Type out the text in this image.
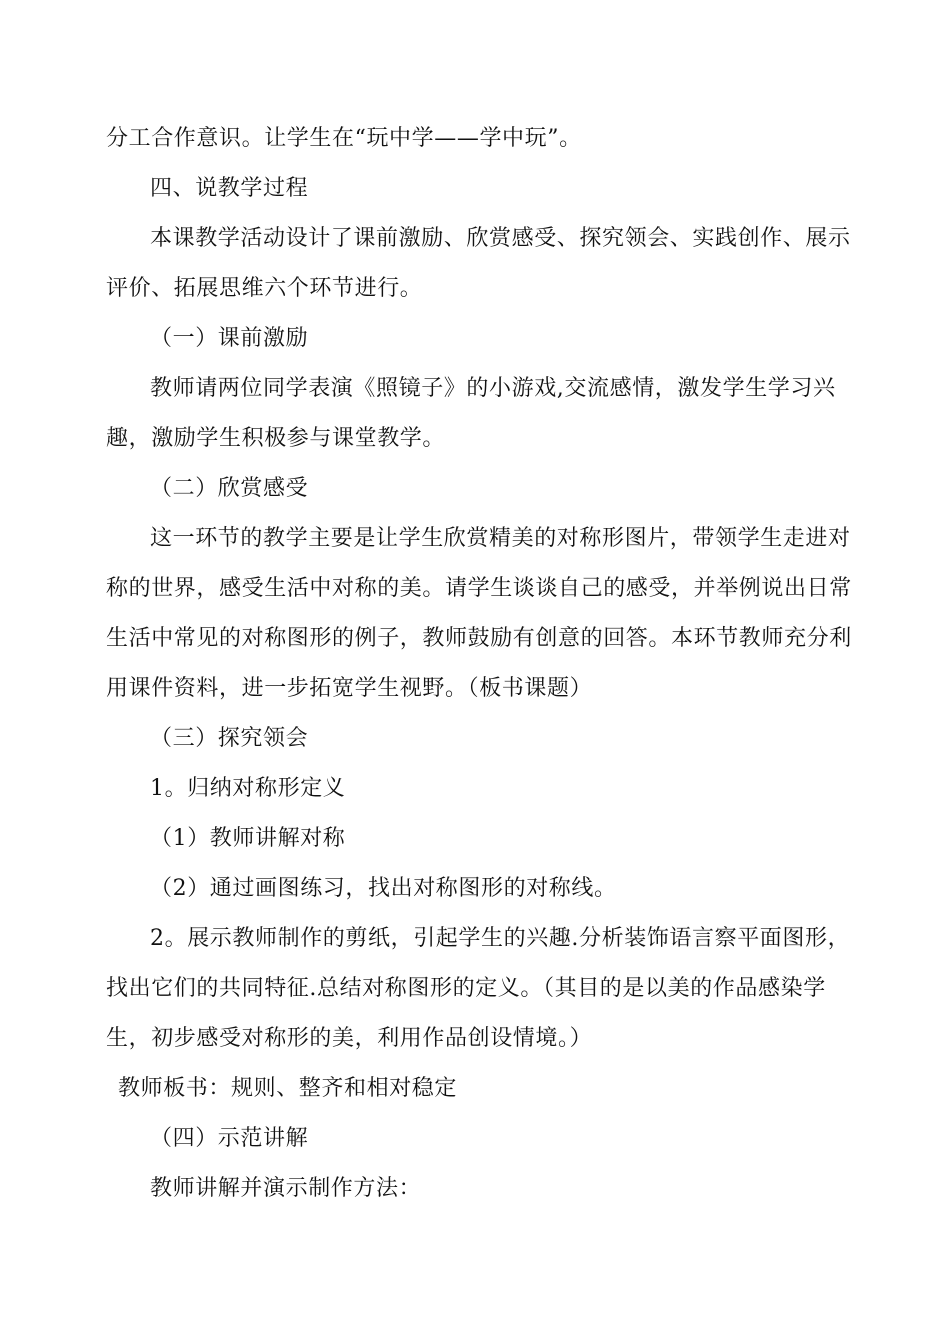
分工合作意识。让学生在“玩中学——学中玩”。
四、说教学过程
本课教学活动设计了课前激励、欣赏感受、探究领会、实践创作、展示
评价、拓展思维六个环节进行。
（一）课前激励
教师请两位同学表演《照镜子》的小游戏,交流感情，激发学生学习兴
趣，激励学生积极参与课堂教学。
（二）欣赏感受
这一环节的教学主要是让学生欣赏精美的对称形图片，带领学生走进对
称的世界，感受生活中对称的美。请学生谈谈自己的感受，并举例说出日常
生活中常见的对称图形的例子，教师鼓励有创意的回答。本环节教师充分利
用课件资料，进一步拓宽学生视野。（板书课题）
（三）探究领会
1。归纳对称形定义
（1）教师讲解对称
（2）通过画图练习，找出对称图形的对称线。
2。展示教师制作的剪纸，引起学生的兴趣.分析装饰语言察平面图形，
找出它们的共同特征.总结对称图形的定义。（其目的是以美的作品感染学
生，初步感受对称形的美，利用作品创设情境。）
教师板书：规则、整齐和相对稳定
（四）示范讲解
教师讲解并演示制作方法：
